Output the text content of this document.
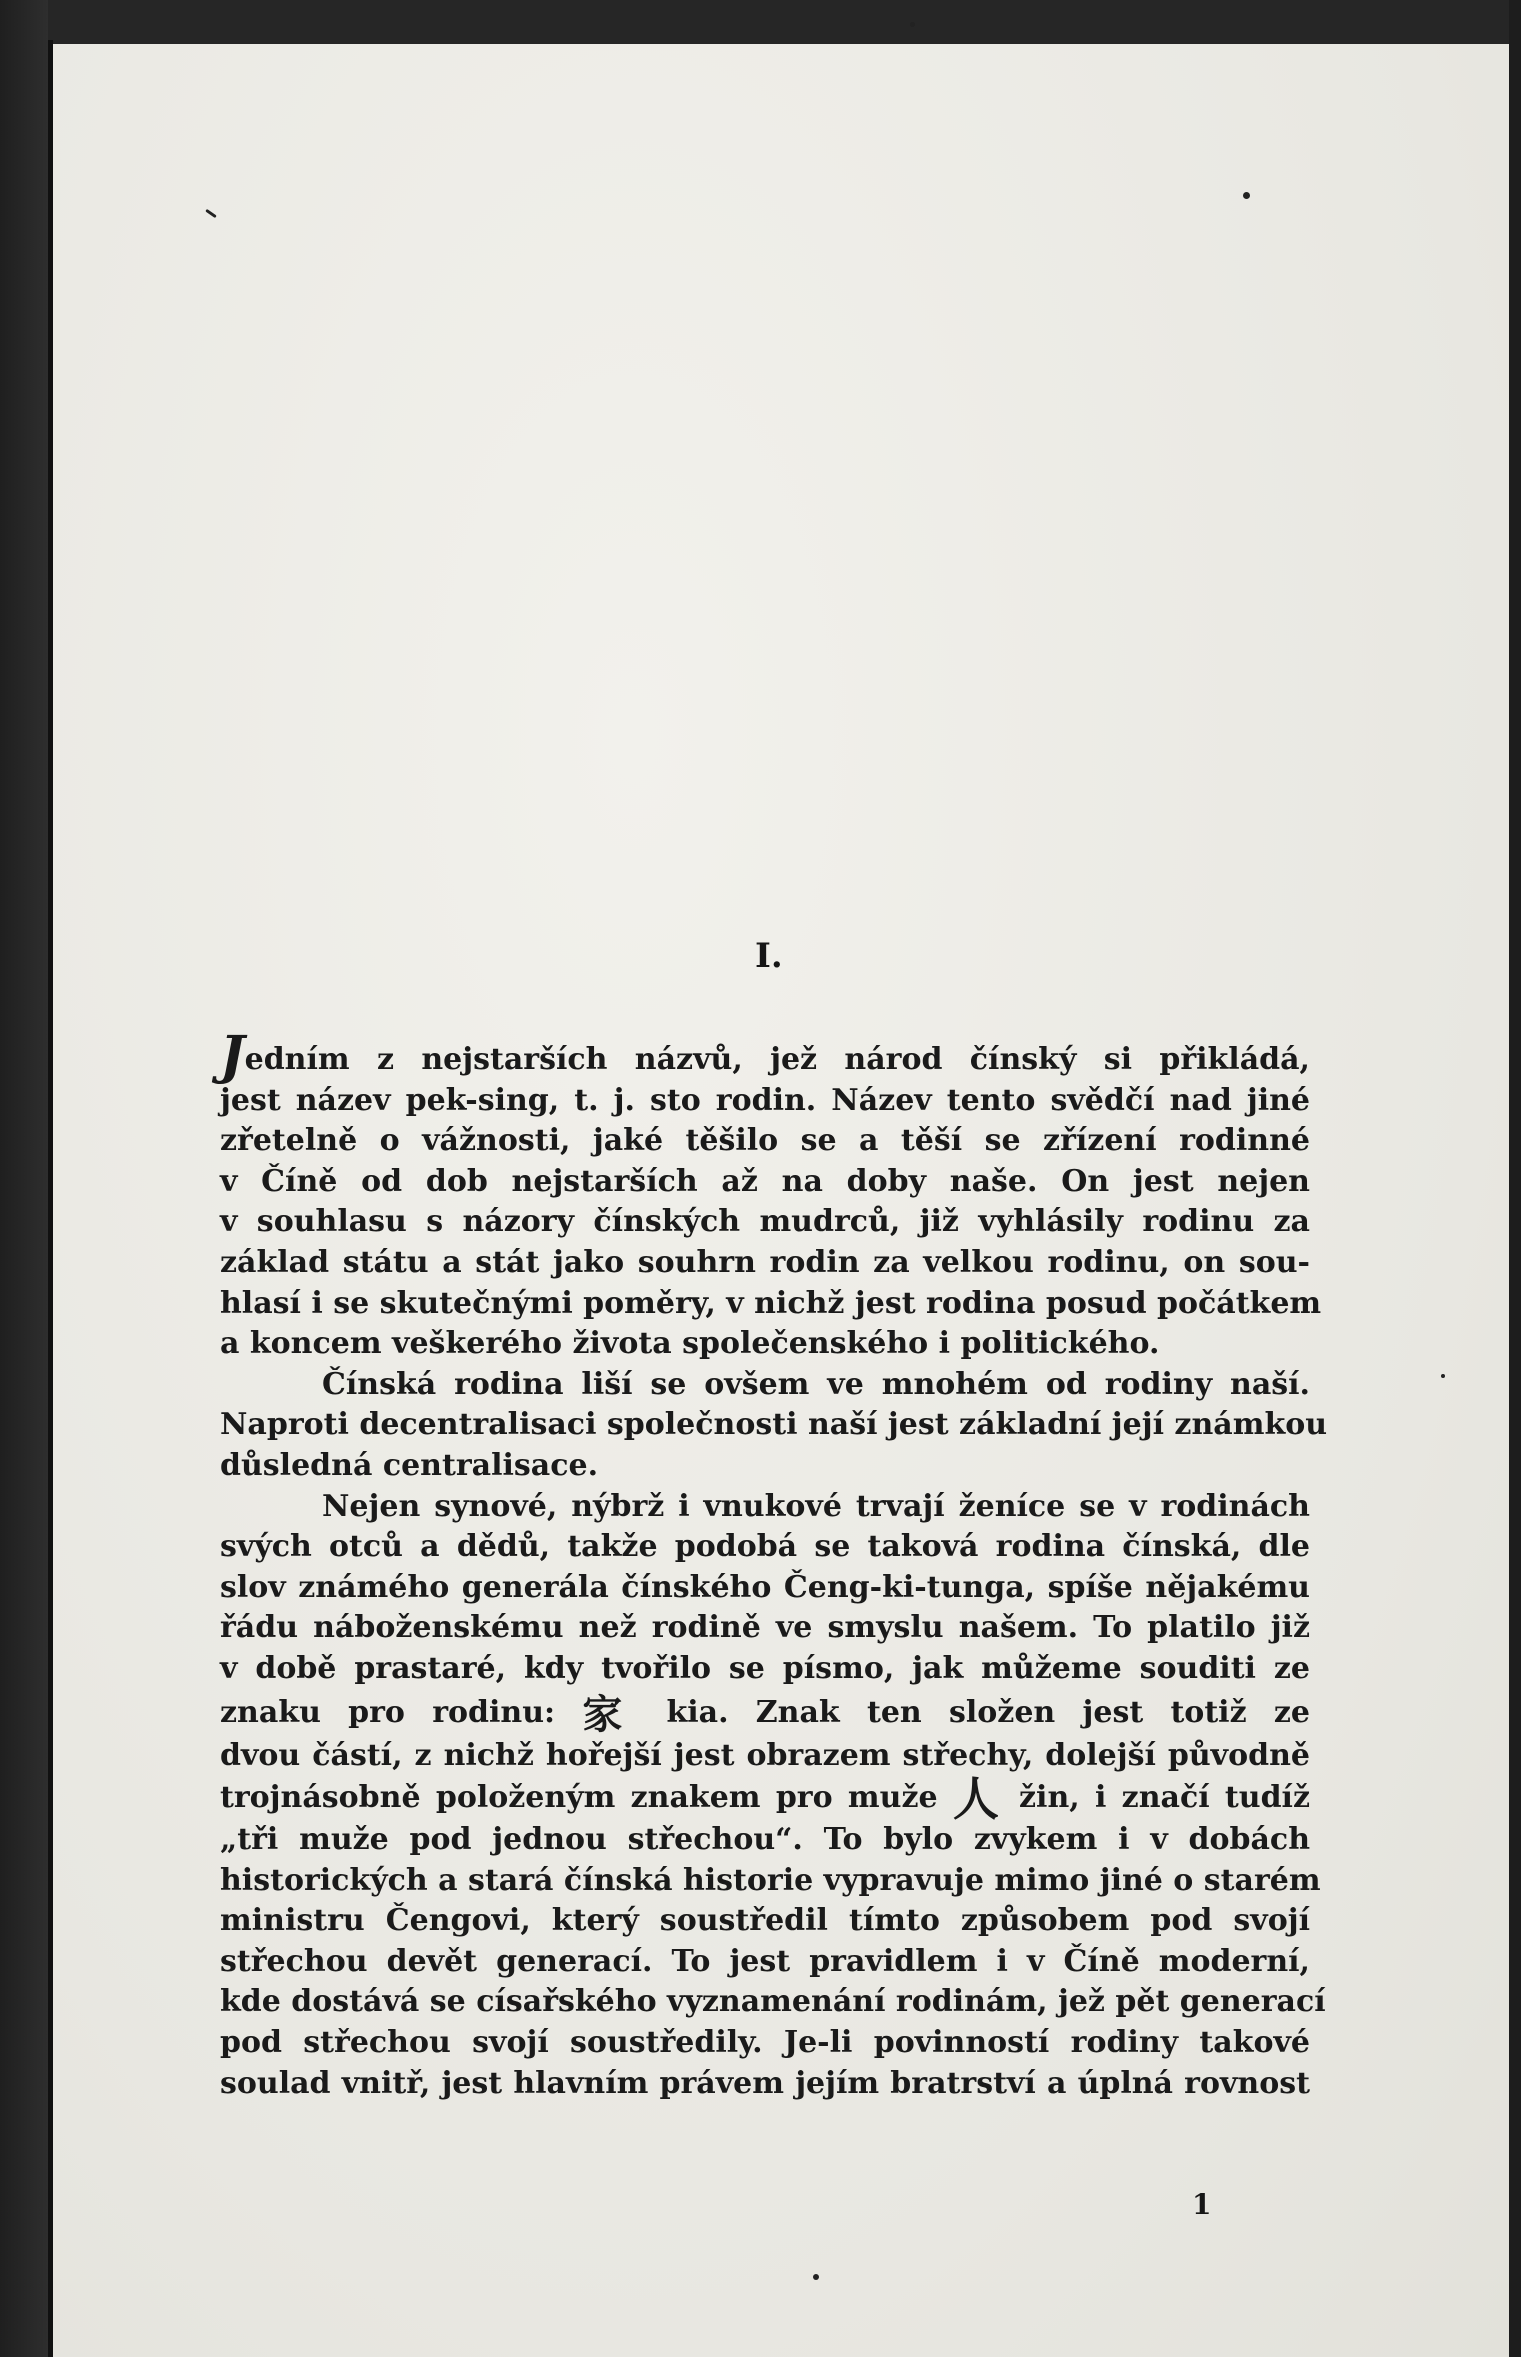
I.
Jedním z nejstarších názvů, jež národ čínský si přikládá,
jest název pek-sing, t. j. sto rodin. Název tento svědčí nad jiné
zřetelně o vážnosti, jaké těšilo se a těší se zřízení rodinné
v Číně od dob nejstarších až na doby naše. On jest nejen
v souhlasu s názory čínských mudrců, již vyhlásily rodinu za
základ státu a stát jako souhrn rodin za velkou rodinu, on sou-
hlasí i se skutečnými poměry, v nichž jest rodina posud počátkem
a koncem veškerého života společenského i politického.
Čínská rodina liší se ovšem ve mnohém od rodiny naší.
Naproti decentralisaci společnosti naší jest základní její známkou
důsledná centralisace.
Nejen synové, nýbrž i vnukové trvají ženíce se v rodinách
svých otců a dědů, takže podobá se taková rodina čínská, dle
slov známého generála čínského Čeng-ki-tunga, spíše nějakému
řádu náboženskému než rodině ve smyslu našem. To platilo již
v době prastaré, kdy tvořilo se písmo, jak můžeme souditi ze
znaku pro rodinu: 家 kia. Znak ten složen jest totiž ze
dvou částí, z nichž hořejší jest obrazem střechy, dolejší původně
trojnásobně položeným znakem pro muže 人 žin, i značí tudíž
„tři muže pod jednou střechou“. To bylo zvykem i v dobách
historických a stará čínská historie vypravuje mimo jiné o starém
ministru Čengovi, který soustředil tímto způsobem pod svojí
střechou devět generací. To jest pravidlem i v Číně moderní,
kde dostává se císařského vyznamenání rodinám, jež pět generací
pod střechou svojí soustředily. Je-li povinností rodiny takové
soulad vnitř, jest hlavním právem jejím bratrství a úplná rovnost
1
